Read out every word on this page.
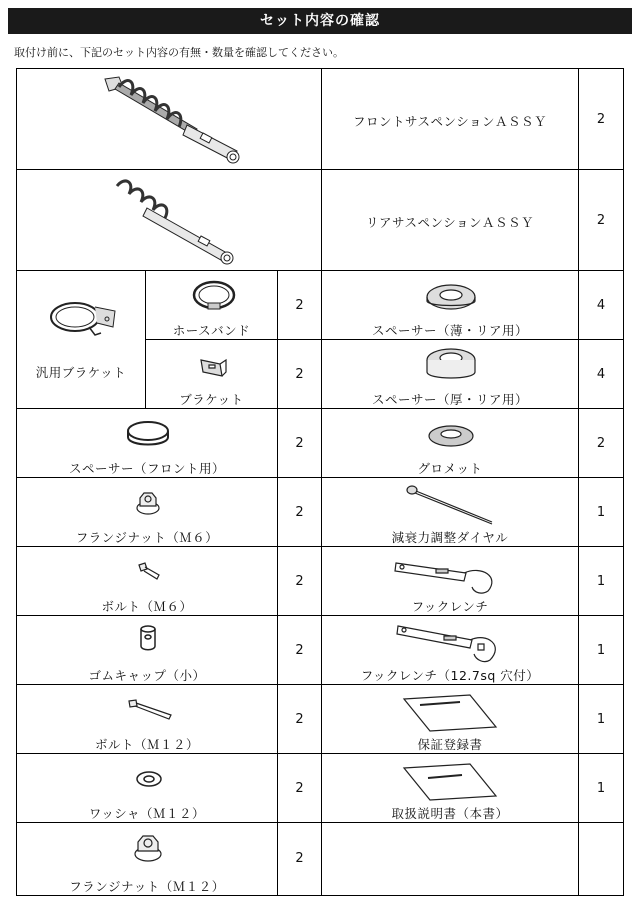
セット内容の確認
取付け前に、下記のセット内容の有無・数量を確認してください。
フロントサスペンションＡＳＳＹ	2
リアサスペンションＡＳＳＹ	2
汎用ブラケット
ホースバンド
2
ブラケット
2
スペーサー（薄・リア用）
4
スペーサー（厚・リア用）
4
スペーサー（フロント用）
2
グロメット
2
フランジナット（Ｍ６）
2
減衰力調整ダイヤル
1
ボルト（Ｍ６）
2
フックレンチ
1
ゴムキャップ（小）
2
フックレンチ（12.7sq 穴付）
1
ボルト（Ｍ１２）
2
保証登録書
1
ワッシャ（Ｍ１２）
2
取扱説明書（本書）
1
フランジナット（Ｍ１２）
2
